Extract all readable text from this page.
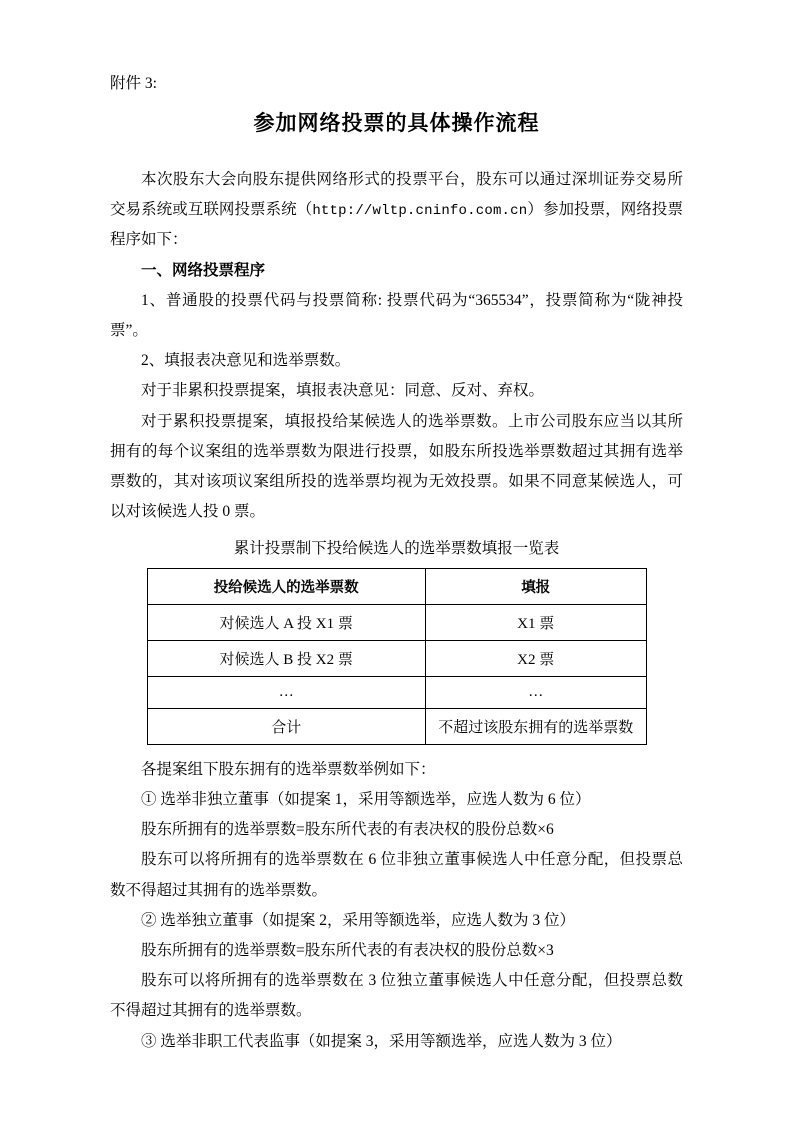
附件 3:

参加网络投票的具体操作流程

本次股东大会向股东提供网络形式的投票平台，股东可以通过深圳证券交易所交易系统或互联网投票系统（http://wltp.cninfo.com.cn）参加投票，网络投票程序如下：

一、网络投票程序

1、普通股的投票代码与投票简称: 投票代码为“365534”，投票简称为“陇神投票”。

2、填报表决意见和选举票数。

对于非累积投票提案，填报表决意见：同意、反对、弃权。

对于累积投票提案，填报投给某候选人的选举票数。上市公司股东应当以其所拥有的每个议案组的选举票数为限进行投票，如股东所投选举票数超过其拥有选举票数的，其对该项议案组所投的选举票均视为无效投票。如果不同意某候选人，可以对该候选人投 0 票。

累计投票制下投给候选人的选举票数填报一览表

投给候选人的选举票数	填报
对候选人 A 投 X1 票	X1 票
对候选人 B 投 X2 票	X2 票
…	…
合计	不超过该股东拥有的选举票数

各提案组下股东拥有的选举票数举例如下：

① 选举非独立董事（如提案 1，采用等额选举，应选人数为 6 位）

股东所拥有的选举票数=股东所代表的有表决权的股份总数×6

股东可以将所拥有的选举票数在 6 位非独立董事候选人中任意分配，但投票总数不得超过其拥有的选举票数。

② 选举独立董事（如提案 2，采用等额选举，应选人数为 3 位）

股东所拥有的选举票数=股东所代表的有表决权的股份总数×3

股东可以将所拥有的选举票数在 3 位独立董事候选人中任意分配，但投票总数不得超过其拥有的选举票数。

③ 选举非职工代表监事（如提案 3，采用等额选举，应选人数为 3 位）
